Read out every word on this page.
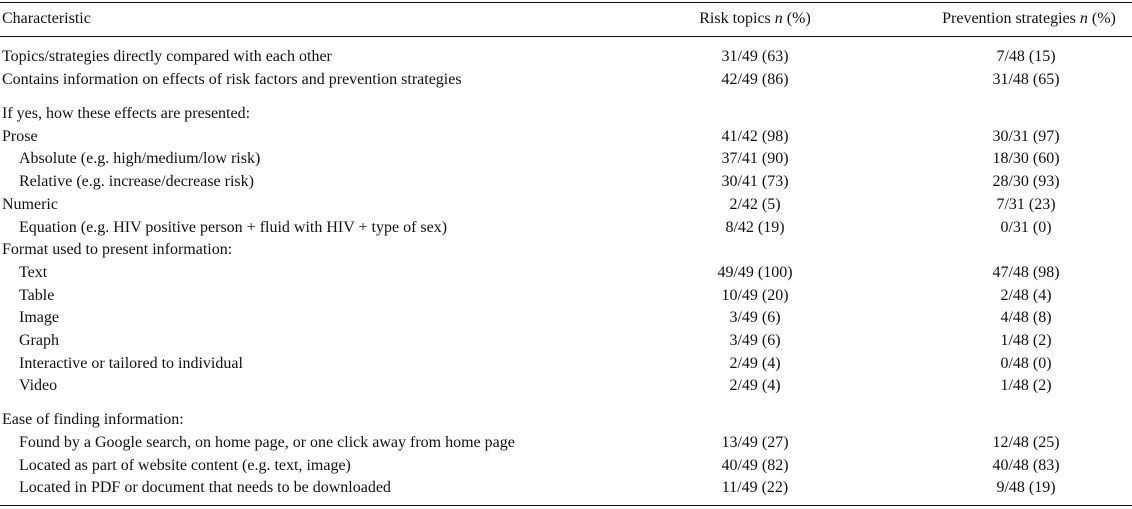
Characteristic	Risk topics n (%)	Prevention strategies n (%)
Topics/strategies directly compared with each other	31/49 (63)	7/48 (15)
Contains information on effects of risk factors and prevention strategies	42/49 (86)	31/48 (65)
If yes, how these effects are presented:
Prose	41/42 (98)	30/31 (97)
Absolute (e.g. high/medium/low risk)	37/41 (90)	18/30 (60)
Relative (e.g. increase/decrease risk)	30/41 (73)	28/30 (93)
Numeric	2/42 (5)	7/31 (23)
Equation (e.g. HIV positive person + fluid with HIV + type of sex)	8/42 (19)	0/31 (0)
Format used to present information:
Text	49/49 (100)	47/48 (98)
Table	10/49 (20)	2/48 (4)
Image	3/49 (6)	4/48 (8)
Graph	3/49 (6)	1/48 (2)
Interactive or tailored to individual	2/49 (4)	0/48 (0)
Video	2/49 (4)	1/48 (2)
Ease of finding information:
Found by a Google search, on home page, or one click away from home page	13/49 (27)	12/48 (25)
Located as part of website content (e.g. text, image)	40/49 (82)	40/48 (83)
Located in PDF or document that needs to be downloaded	11/49 (22)	9/48 (19)
